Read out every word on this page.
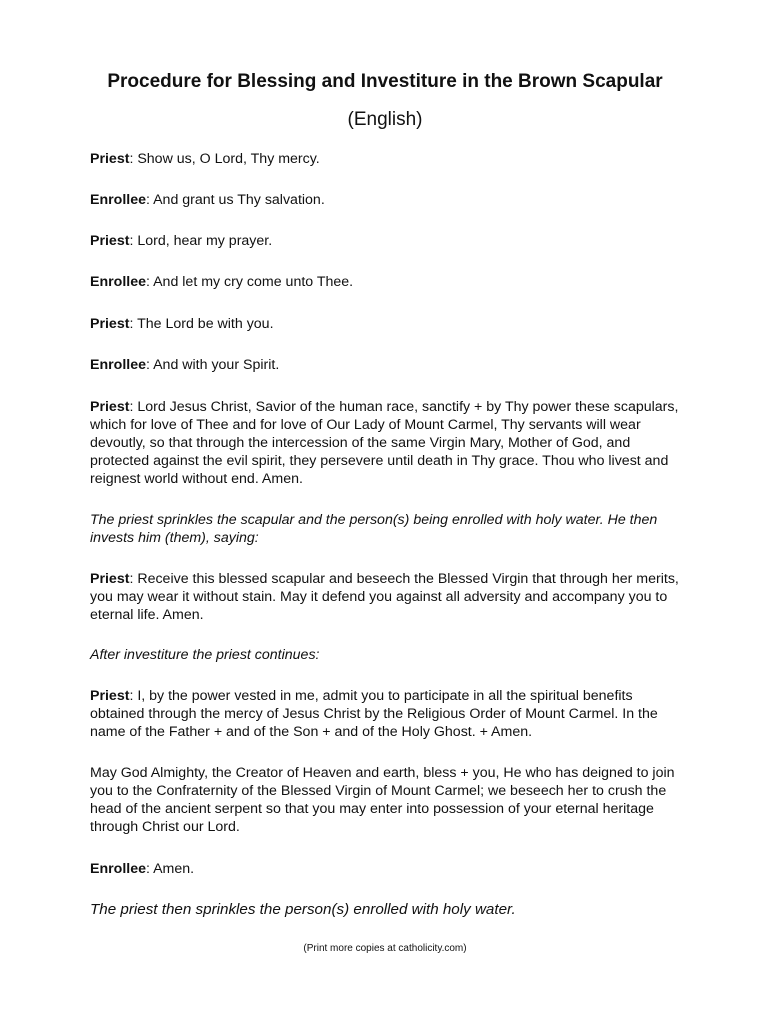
Procedure for Blessing and Investiture in the Brown Scapular
(English)

Priest: Show us, O Lord, Thy mercy.

Enrollee: And grant us Thy salvation.

Priest: Lord, hear my prayer.

Enrollee: And let my cry come unto Thee.

Priest: The Lord be with you.

Enrollee: And with your Spirit.

Priest: Lord Jesus Christ, Savior of the human race, sanctify + by Thy power these scapulars, which for love of Thee and for love of Our Lady of Mount Carmel, Thy servants will wear devoutly, so that through the intercession of the same Virgin Mary, Mother of God, and protected against the evil spirit, they persevere until death in Thy grace. Thou who livest and reignest world without end. Amen.

The priest sprinkles the scapular and the person(s) being enrolled with holy water. He then invests him (them), saying:

Priest: Receive this blessed scapular and beseech the Blessed Virgin that through her merits, you may wear it without stain. May it defend you against all adversity and accompany you to eternal life. Amen.

After investiture the priest continues:

Priest: I, by the power vested in me, admit you to participate in all the spiritual benefits obtained through the mercy of Jesus Christ by the Religious Order of Mount Carmel. In the name of the Father + and of the Son + and of the Holy Ghost. + Amen.

May God Almighty, the Creator of Heaven and earth, bless + you, He who has deigned to join you to the Confraternity of the Blessed Virgin of Mount Carmel; we beseech her to crush the head of the ancient serpent so that you may enter into possession of your eternal heritage through Christ our Lord.

Enrollee: Amen.

The priest then sprinkles the person(s) enrolled with holy water.

(Print more copies at catholicity.com)
